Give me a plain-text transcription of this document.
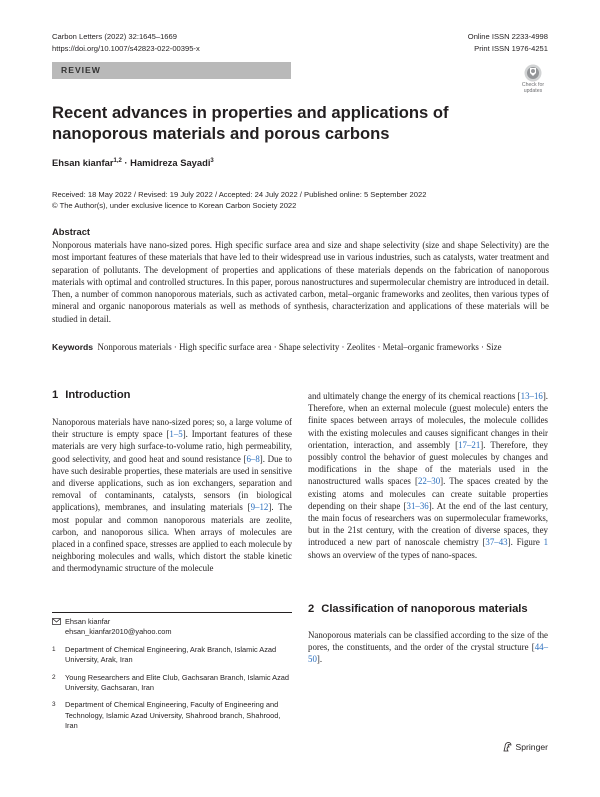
Carbon Letters (2022) 32:1645–1669
https://doi.org/10.1007/s42823-022-00395-x
Online ISSN 2233-4998
Print ISSN 1976-4251
REVIEW
Check for
updates
Recent advances in properties and applications of nanoporous materials and porous carbons
Ehsan kianfar$^{1,2}$ · Hamidreza Sayadi$^3$
Received: 18 May 2022 / Revised: 19 July 2022 / Accepted: 24 July 2022 / Published online: 5 September 2022
© The Author(s), under exclusive licence to Korean Carbon Society 2022
Abstract

Nonporous materials have nano-sized pores. High specific surface area and size and shape selectivity (size and shape Selectivity) are the most important features of these materials that have led to their widespread use in various industries, such as catalysts, water treatment and separation of pollutants. The development of properties and applications of these materials depends on the fabrication of nanoporous materials with optimal and controlled structures. In this paper, porous nanostructures and supermolecular chemistry are introduced in detail. Then, a number of common nanoporous materials, such as activated carbon, metal–organic frameworks and zeolites, then various types of mineral and organic nanoporous materials as well as methods of synthesis, characterization and applications of these materials will be studied in detail.

Keywords Nonporous materials · High specific surface area · Shape selectivity · Zeolites · Metal–organic frameworks · Size

1 Introduction

Nanoporous materials have nano-sized pores; so, a large volume of their structure is empty space [1–5]. Important features of these materials are very high surface-to-volume ratio, high permeability, good selectivity, and good heat and sound resistance [6–8]. Due to have such desirable properties, these materials are used in sensitive and diverse applications, such as ion exchangers, separation and removal of contaminants, catalysts, sensors (in biological applications), membranes, and insulating materials [9–12]. The most popular and common nanoporous materials are zeolite, carbon, and nanoporous silica. When arrays of molecules are placed in a confined space, stresses are applied to each molecule by neighboring molecules and walls, which distort the stable kinetic and thermodynamic structure of the molecule

and ultimately change the energy of its chemical reactions [13–16]. Therefore, when an external molecule (guest molecule) enters the finite spaces between arrays of molecules, the molecule collides with the existing molecules and causes significant changes in their orientation, interaction, and assembly [17–21]. Therefore, they possibly control the behavior of guest molecules by changes and modifications in the shape of the materials used in the nanostructured walls spaces [22–30]. The spaces created by the existing atoms and molecules can create suitable properties depending on their shape [31–36]. At the end of the last century, the main focus of researchers was on supermolecular frameworks, but in the 21st century, with the creation of diverse spaces, they introduced a new part of nanoscale chemistry [37–43]. Figure 1 shows an overview of the types of nano-spaces.

2 Classification of nanoporous materials

Nanoporous materials can be classified according to the size of the pores, the constituents, and the order of the crystal structure [44–50].

Ehsan kianfar
ehsan_kianfar2010@yahoo.com
1 Department of Chemical Engineering, Arak Branch, Islamic Azad University, Arak, Iran
2 Young Researchers and Elite Club, Gachsaran Branch, Islamic Azad University, Gachsaran, Iran
3 Department of Chemical Engineering, Faculty of Engineering and Technology, Islamic Azad University, Shahrood branch, Shahrood, Iran
Springer
